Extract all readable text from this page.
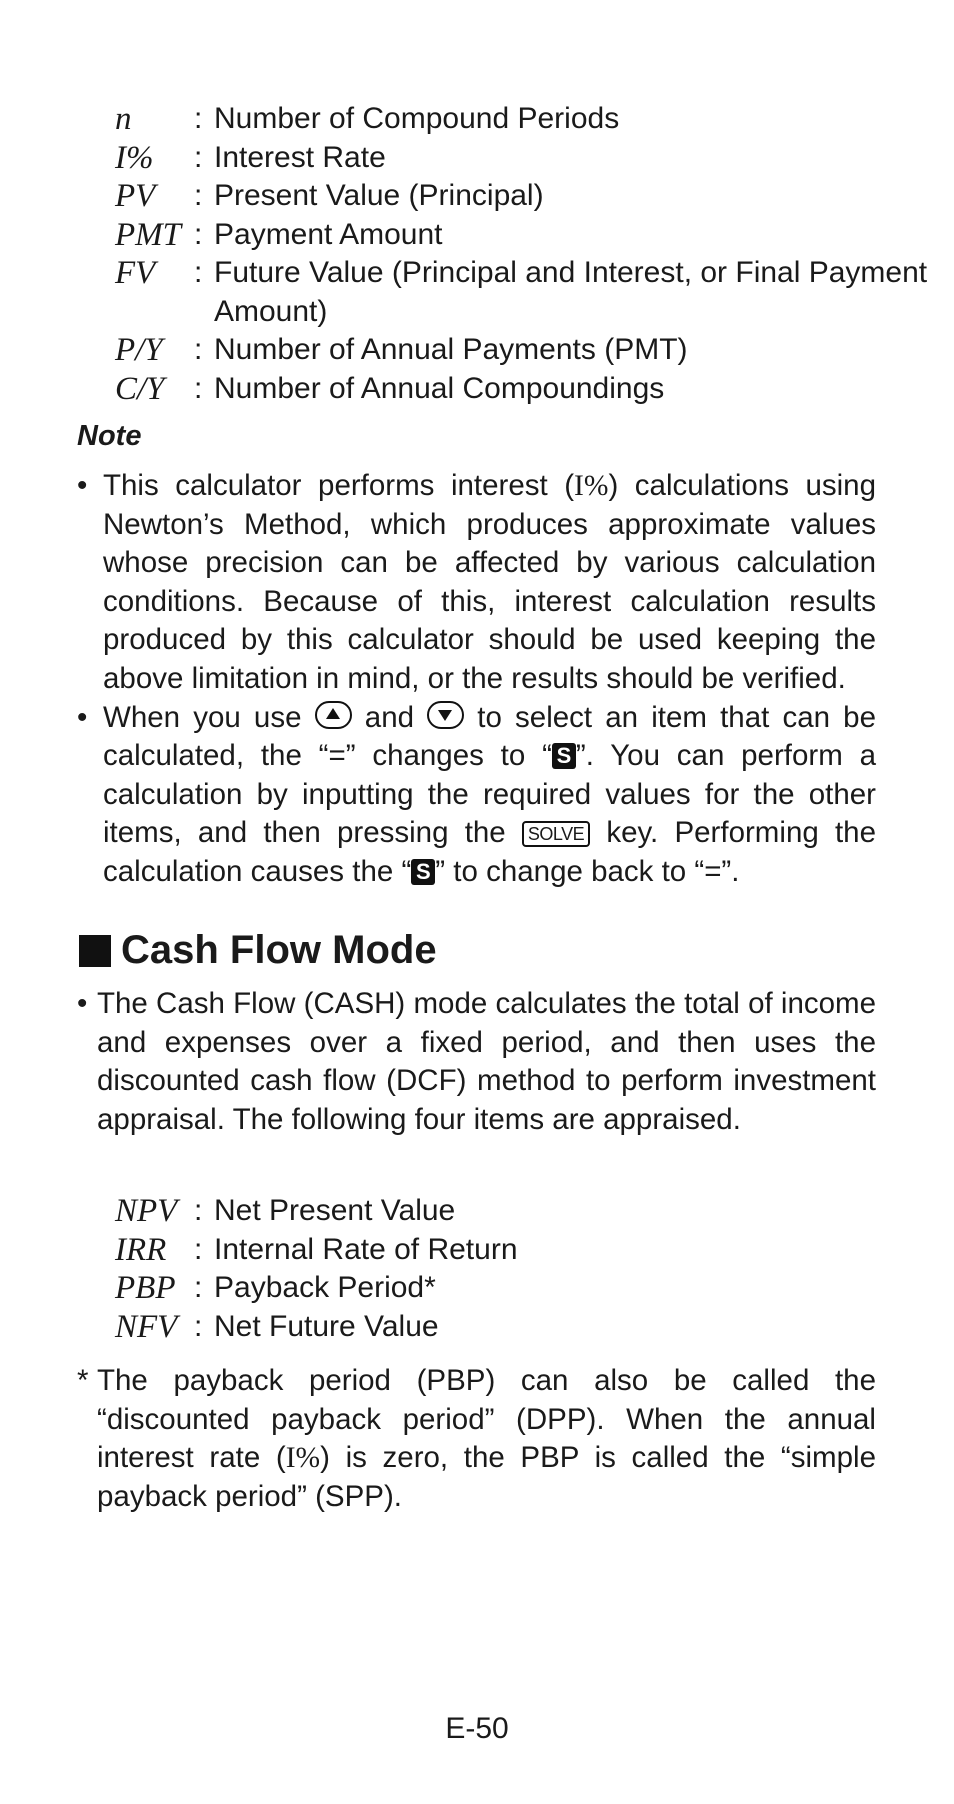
n	: Number of Compound Periods
I%	: Interest Rate
PV	: Present Value (Principal)
PMT : Payment Amount
FV	: Future Value (Principal and Interest, or Final Payment Amount)
P/Y	: Number of Annual Payments (PMT)
C/Y : Number of Annual Compoundings
Note
• This calculator performs interest (I%) calculations using Newton’s Method, which produces approximate values whose precision can be affected by various calculation conditions. Because of this, interest calculation results produced by this calculator should be used keeping the above limitation in mind, or the results should be verified.
• When you use  and  to select an item that can be calculated, the “=” changes to “ S ”. You can perform a calculation by inputting the required values for the other items, and then pressing the SOLVE key. Performing the calculation causes the “ S ” to change back to “=”.
Cash Flow Mode
• The Cash Flow (CASH) mode calculates the total of income and expenses over a fixed period, and then uses the discounted cash flow (DCF) method to perform investment appraisal. The following four items are appraised.
NPV : Net Present Value
IRR : Internal Rate of Return
PBP : Payback Period*
NFV : Net Future Value
* The payback period (PBP) can also be called the “discounted payback period” (DPP). When the annual interest rate (I%) is zero, the PBP is called the “simple payback period” (SPP).
E-50
